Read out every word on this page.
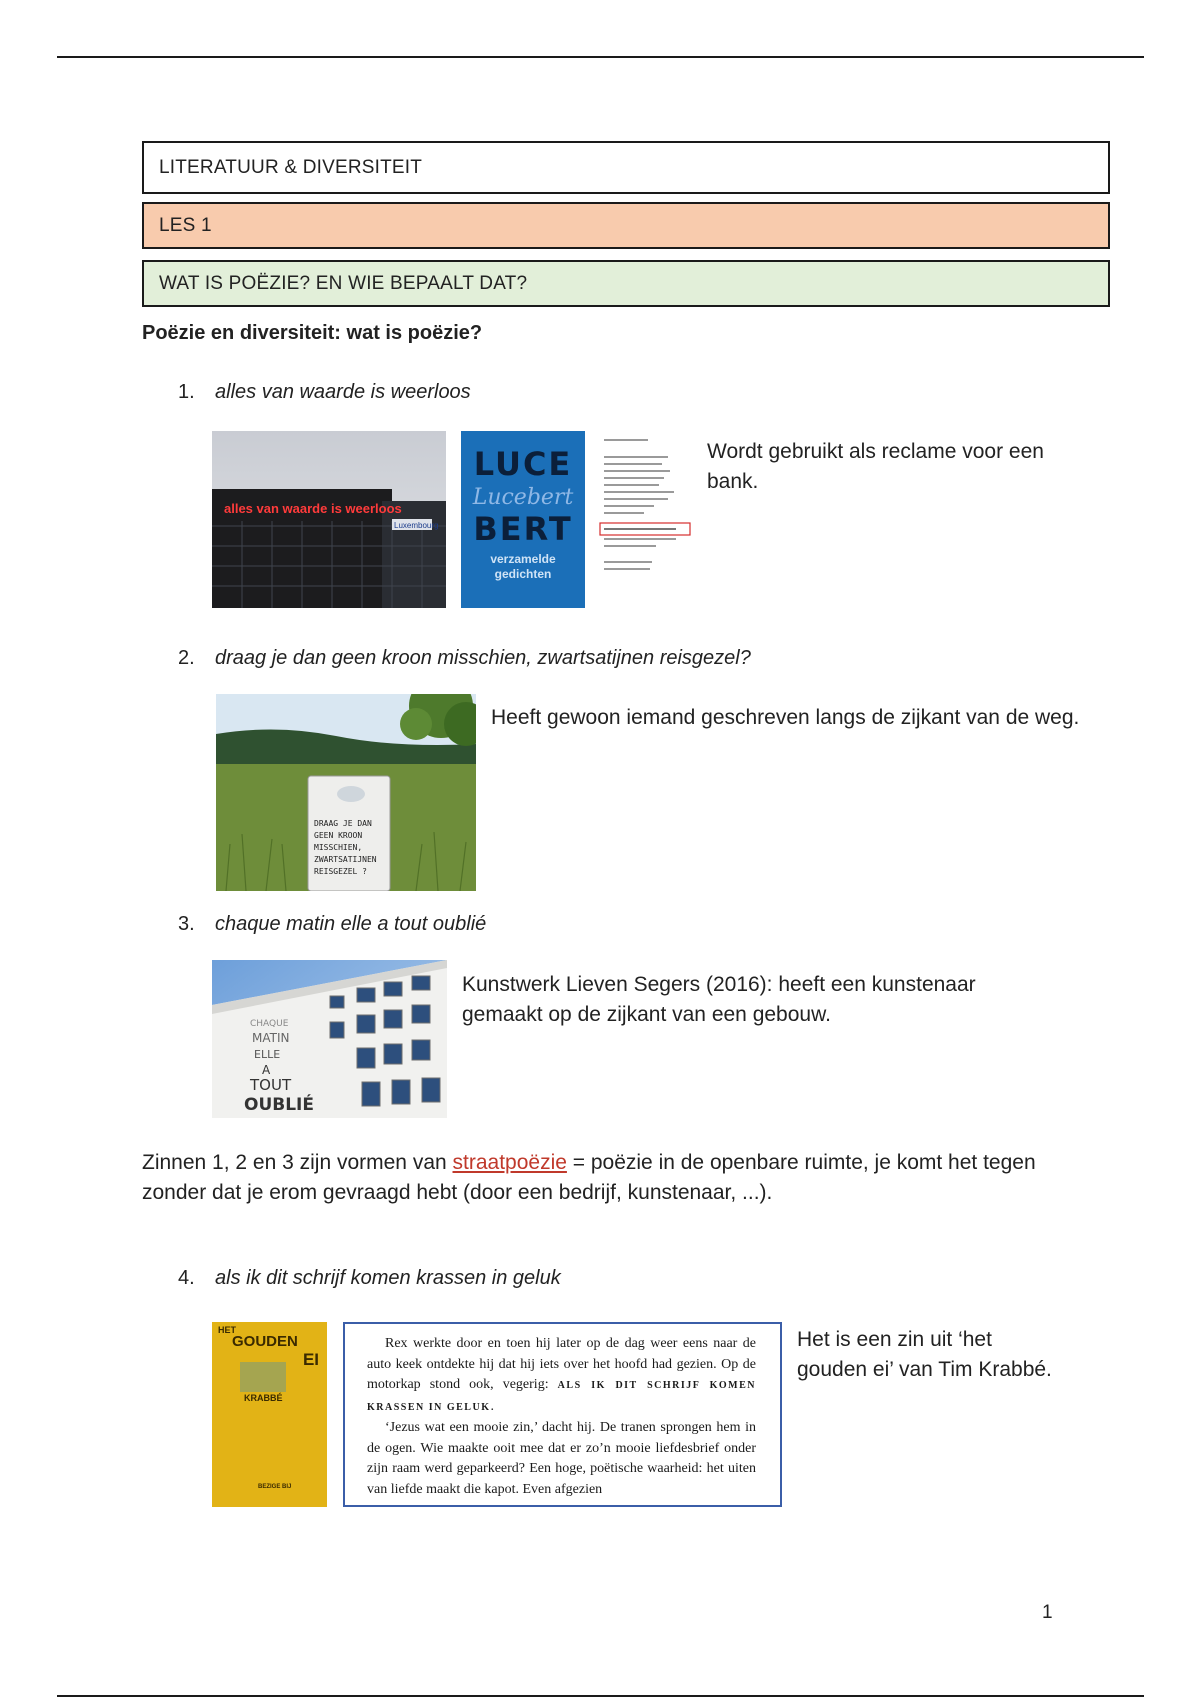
LITERATUUR & DIVERSITEIT
LES 1
WAT IS POËZIE? EN WIE BEPAALT DAT?
Poëzie en diversiteit: wat is poëzie?
1. alles van waarde is weerloos
alles van waarde is weerloos
Luxembourg
LUCE
Lucebert
BERT
verzamelde gedichten
Wordt gebruikt als reclame voor een bank.
2. draag je dan geen kroon misschien, zwartsatijnen reisgezel?
DRAAG JE DAN
GEEN KROON
MISSCHIEN,
ZWARTSATIJNEN
REISGEZEL ?
Heeft gewoon iemand geschreven langs de zijkant van de weg.
3. chaque matin elle a tout oublié
CHAQUE
MATIN
ELLE
A
TOUT
OUBLIÉ
Kunstwerk Lieven Segers (2016): heeft een kunstenaar gemaakt op de zijkant van een gebouw.
Zinnen 1, 2 en 3 zijn vormen van straatpoëzie = poëzie in de openbare ruimte, je komt het tegen zonder dat je erom gevraagd hebt (door een bedrijf, kunstenaar, ...).
4. als ik dit schrijf komen krassen in geluk
HET
GOUDEN
EI
KRABBÉ
BEZIGE BIJ

Rex werkte door en toen hij later op de dag weer eens naar de auto keek ontdekte hij dat hij iets over het hoofd had gezien. Op de motorkap stond ook, vegerig: ALS IK DIT SCHRIJF KOMEN KRASSEN IN GELUK.

‘Jezus wat een mooie zin,’ dacht hij. De tranen sprongen hem in de ogen. Wie maakte ooit mee dat er zo’n mooie liefdesbrief onder zijn raam werd geparkeerd? Een hoge, poëtische waarheid: het uiten van liefde maakt die kapot. Even afgezien

Het is een zin uit ‘het gouden ei’ van Tim Krabbé.
1
